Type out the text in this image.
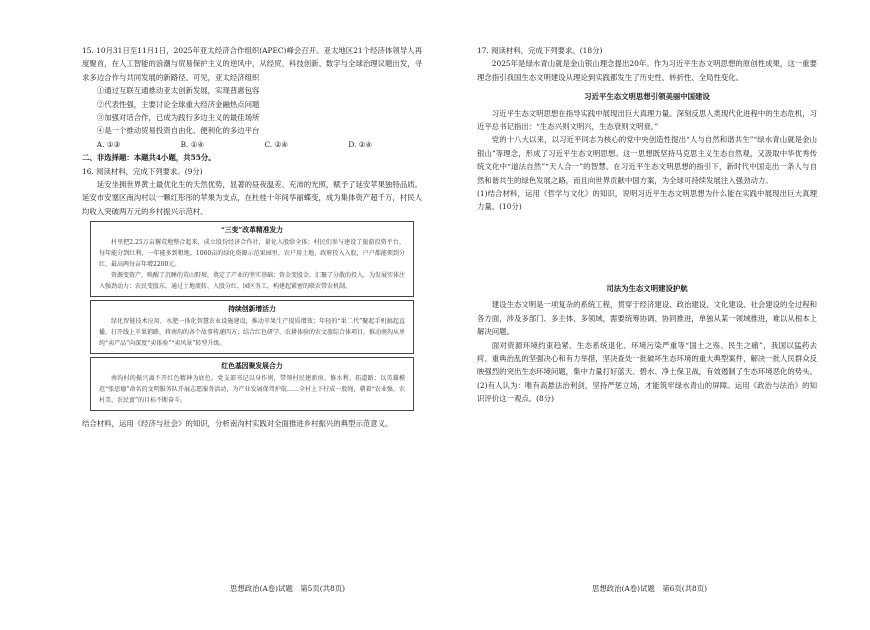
15. 10月31日至11月1日，2025年亚太经济合作组织(APEC)峰会召开。亚太地区21个经济体领导人再度聚首，在人工智能的浪潮与贸易保护主义的逆风中，从经贸、科技创新、数字与全球治理议题出发，寻求多边合作与共同发展的新路径。可见，亚太经济组织

①通过互联互通推动亚太创新发展，实现普惠包容

②代表性强，主要讨论全球重大经济金融热点问题

③加强对话合作，已成为践行多边主义的最佳场所

④是一个推动贸易投资自由化、便利化的多边平台

A. ①③	B. ①④	C. ②④	D. ②④

二、非选择题：本题共4小题，共55分。

16. 阅读材料，完成下列要求。(9分)

延安坐拥世界黄土最优化生的天然优势，显著的昼夜温差、充沛的光照，赋予了延安苹果独特品质。延安市安塞区南沟村以一颗红彤彤的苹果为支点，在杜桂十年间华丽蝶变，成为集体资产超千万，村民人均收入突破两万元的乡村振兴示范村。

“三变”改革精准发力

村里把2.25万亩撂荒地整合起来，成立股份经济合作社，量化入股给全体；村民们参与建设了旅游投资平台，每年能分到红利，一年能多到租地。1060亩的绿化资源示范果园里，农户用土地、政府投入入股，户户都能领到分红，最高两每亩年增2200元。

资源变资产，唤醒了沉睡的荒山野坡，奠定了产业的坚实基础；资金变股金，汇聚了分散的投入，为发展实体注入强劲动力；农民变股东，通过土地流转、入股分红、园区务工，构建起紧密的联农带农机制。

持续创新增活力

绿化智链技术应用，水肥一体化智慧农业设施建设，推动苹果生产提质增效；年轻的“果二代”聚起手机搞起直播，打开线上苹果销路，将南沟的各个故事传递四方；结合红色研学、农耕体验的农文旅综合体项目，推动南沟从单纯“卖产品”向深度“卖体验”“卖风景”转型升级。

红色基因聚发展合力

南沟村的振兴离不开红色精神为底色。党支部书记以身作则，带领村民建新房、修水利、拓道路；以英雄模范“张思德”命名的文明服务队开展志愿服务活动，为产业发展保驾护航……全村上下拧成一股绳，朝着“农业强、农村美、农民富”的目标不断奋斗。

结合材料，运用《经济与社会》的知识，分析南沟村实践对全面推进乡村振兴的典型示范意义。

思想政治(A卷)试题　第5页(共8页)

17. 阅读材料，完成下列要求。(18分)

2025年是绿水青山就是金山银山理念提出20年。作为习近平生态文明思想的原创性成果，这一重要理念指引我国生态文明建设从理论到实践都发生了历史性、转折性、全局性变化。

习近平生态文明思想引领美丽中国建设

习近平生态文明思想在指导实践中展现出巨大真理力量。深刻反思人类现代化进程中的生态危机，习近平总书记指出：“生态兴则文明兴，生态衰则文明衰。”

党的十八大以来，以习近平同志为核心的党中央创造性提出“人与自然和谐共生”“绿水青山就是金山银山”等理念，形成了习近平生态文明思想。这一思想既坚持马克思主义生态自然观，又汲取中华优秀传统文化中“道法自然”“天人合一”的智慧。在习近平生态文明思想的指引下，新时代中国走出一条人与自然和谐共生的绿色发展之路，而且向世界贡献中国方案，为全球可持续发展注入强劲动力。

(1)结合材料，运用《哲学与文化》的知识，说明习近平生态文明思想为什么能在实践中展现出巨大真理力量。(10分)

司法为生态文明建设护航

建设生态文明是一项复杂的系统工程，贯穿于经济建设、政治建设、文化建设、社会建设的全过程和各方面，涉及多部门、多主体、多领域，需要统筹协调、协同推进，单独从某一领域推进，难以从根本上解决问题。

面对资源环境约束趋紧、生态系统退化、环境污染严重等“国土之殇、民生之痛”，我国以猛药去疴、重典治乱的坚强决心和有力举措，坚决查处一批破坏生态环境的重大典型案件，解决一批人民群众反映强烈的突出生态环境问题，集中力量打好蓝天、碧水、净土保卫战，有效遏制了生态环境恶化的势头。

(2)有人认为：唯有高悬法治利剑，坚持严惩立场，才能筑牢绿水青山的屏障。运用《政治与法治》的知识评价这一观点。(8分)

思想政治(A卷)试题　第6页(共8页)
